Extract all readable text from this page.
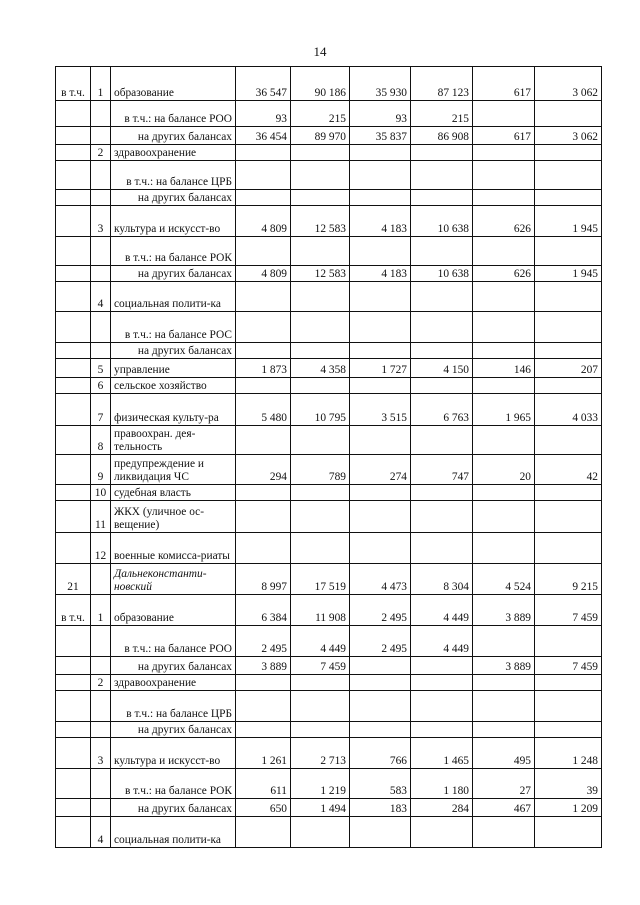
14
в т.ч.	1	образование	36 547	90 186	35 930	87 123	617	3 062
		в т.ч.: на балансе РОО	93	215	93	215		
		на других балансах	36 454	89 970	35 837	86 908	617	3 062
	2	здравоохранение						
		в т.ч.: на балансе ЦРБ						
		на других балансах						
	3	культура и искусст-во	4 809	12 583	4 183	10 638	626	1 945
		в т.ч.: на балансе РОК						
		на других балансах	4 809	12 583	4 183	10 638	626	1 945
	4	социальная полити-ка						
		в т.ч.: на балансе РОС						
		на других балансах						
	5	управление	1 873	4 358	1 727	4 150	146	207
	6	сельское хозяйство						
	7	физическая культу-ра	5 480	10 795	3 515	6 763	1 965	4 033
	8	правоохран. дея-тельность						
	9	предупреждение и ликвидация ЧС	294	789	274	747	20	42
	10	судебная власть						
	11	ЖКХ (уличное ос-вещение)						
	12	военные комисса-риаты						
21		Дальнеконстанти-новский	8 997	17 519	4 473	8 304	4 524	9 215
в т.ч.	1	образование	6 384	11 908	2 495	4 449	3 889	7 459
		в т.ч.: на балансе РОО	2 495	4 449	2 495	4 449		
		на других балансах	3 889	7 459			3 889	7 459
	2	здравоохранение						
		в т.ч.: на балансе ЦРБ						
		на других балансах						
	3	культура и искусст-во	1 261	2 713	766	1 465	495	1 248
		в т.ч.: на балансе РОК	611	1 219	583	1 180	27	39
		на других балансах	650	1 494	183	284	467	1 209
	4	социальная полити-ка						
